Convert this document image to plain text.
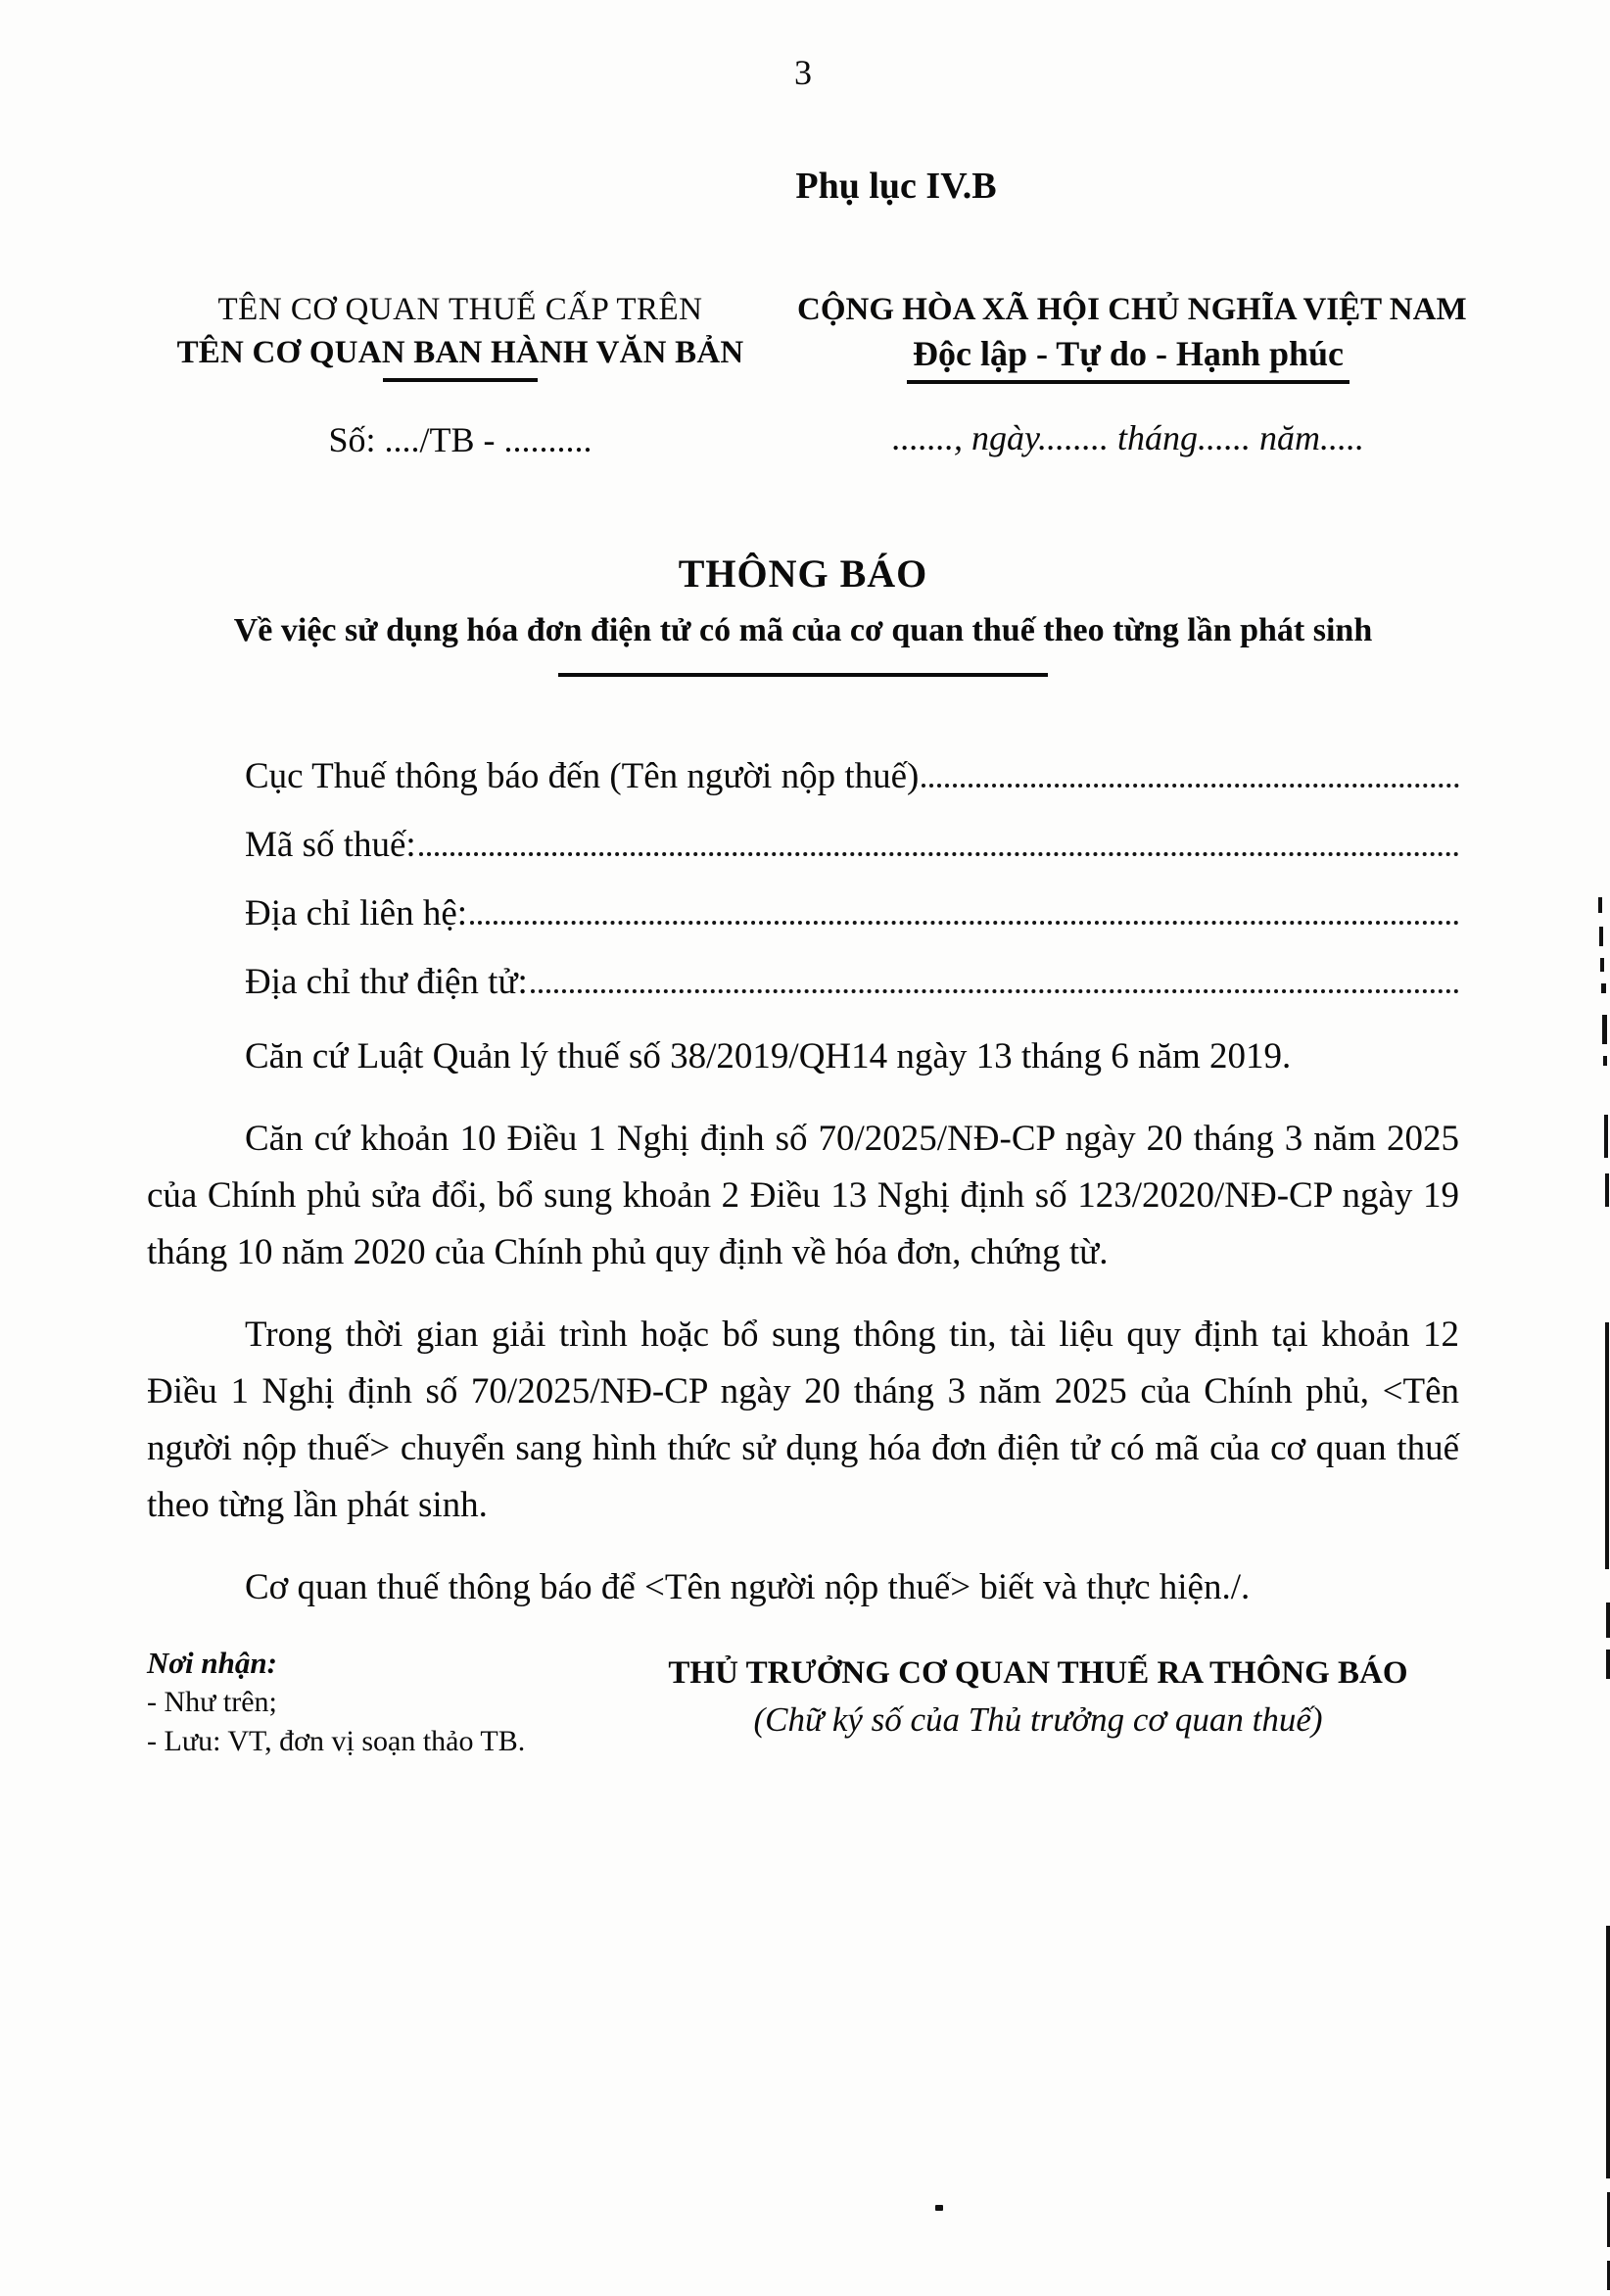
3
Phụ lục IV.B
TÊN CƠ QUAN THUẾ CẤP TRÊN
TÊN CƠ QUAN BAN HÀNH VĂN BẢN
Số: ..../TB - ..........
CỘNG HÒA XÃ HỘI CHỦ NGHĨA VIỆT NAM
Độc lập - Tự do - Hạnh phúc
......., ngày........ tháng...... năm.....
THÔNG BÁO
Về việc sử dụng hóa đơn điện tử có mã của cơ quan thuế theo từng lần phát sinh
Cục Thuế thông báo đến (Tên người nộp thuế)
Mã số thuế:
Địa chỉ liên hệ:
Địa chỉ thư điện tử:

Căn cứ Luật Quản lý thuế số 38/2019/QH14 ngày 13 tháng 6 năm 2019.

Căn cứ khoản 10 Điều 1 Nghị định số 70/2025/NĐ-CP ngày 20 tháng 3 năm 2025 của Chính phủ sửa đổi, bổ sung khoản 2 Điều 13 Nghị định số 123/2020/NĐ-CP ngày 19 tháng 10 năm 2020 của Chính phủ quy định về hóa đơn, chứng từ.

Trong thời gian giải trình hoặc bổ sung thông tin, tài liệu quy định tại khoản 12 Điều 1 Nghị định số 70/2025/NĐ-CP ngày 20 tháng 3 năm 2025 của Chính phủ, <Tên người nộp thuế> chuyển sang hình thức sử dụng hóa đơn điện tử có mã của cơ quan thuế theo từng lần phát sinh.

Cơ quan thuế thông báo để <Tên người nộp thuế> biết và thực hiện./.

Nơi nhận:
- Như trên;
- Lưu: VT, đơn vị soạn thảo TB.
THỦ TRƯỞNG CƠ QUAN THUẾ RA THÔNG BÁO
(Chữ ký số của Thủ trưởng cơ quan thuế)
